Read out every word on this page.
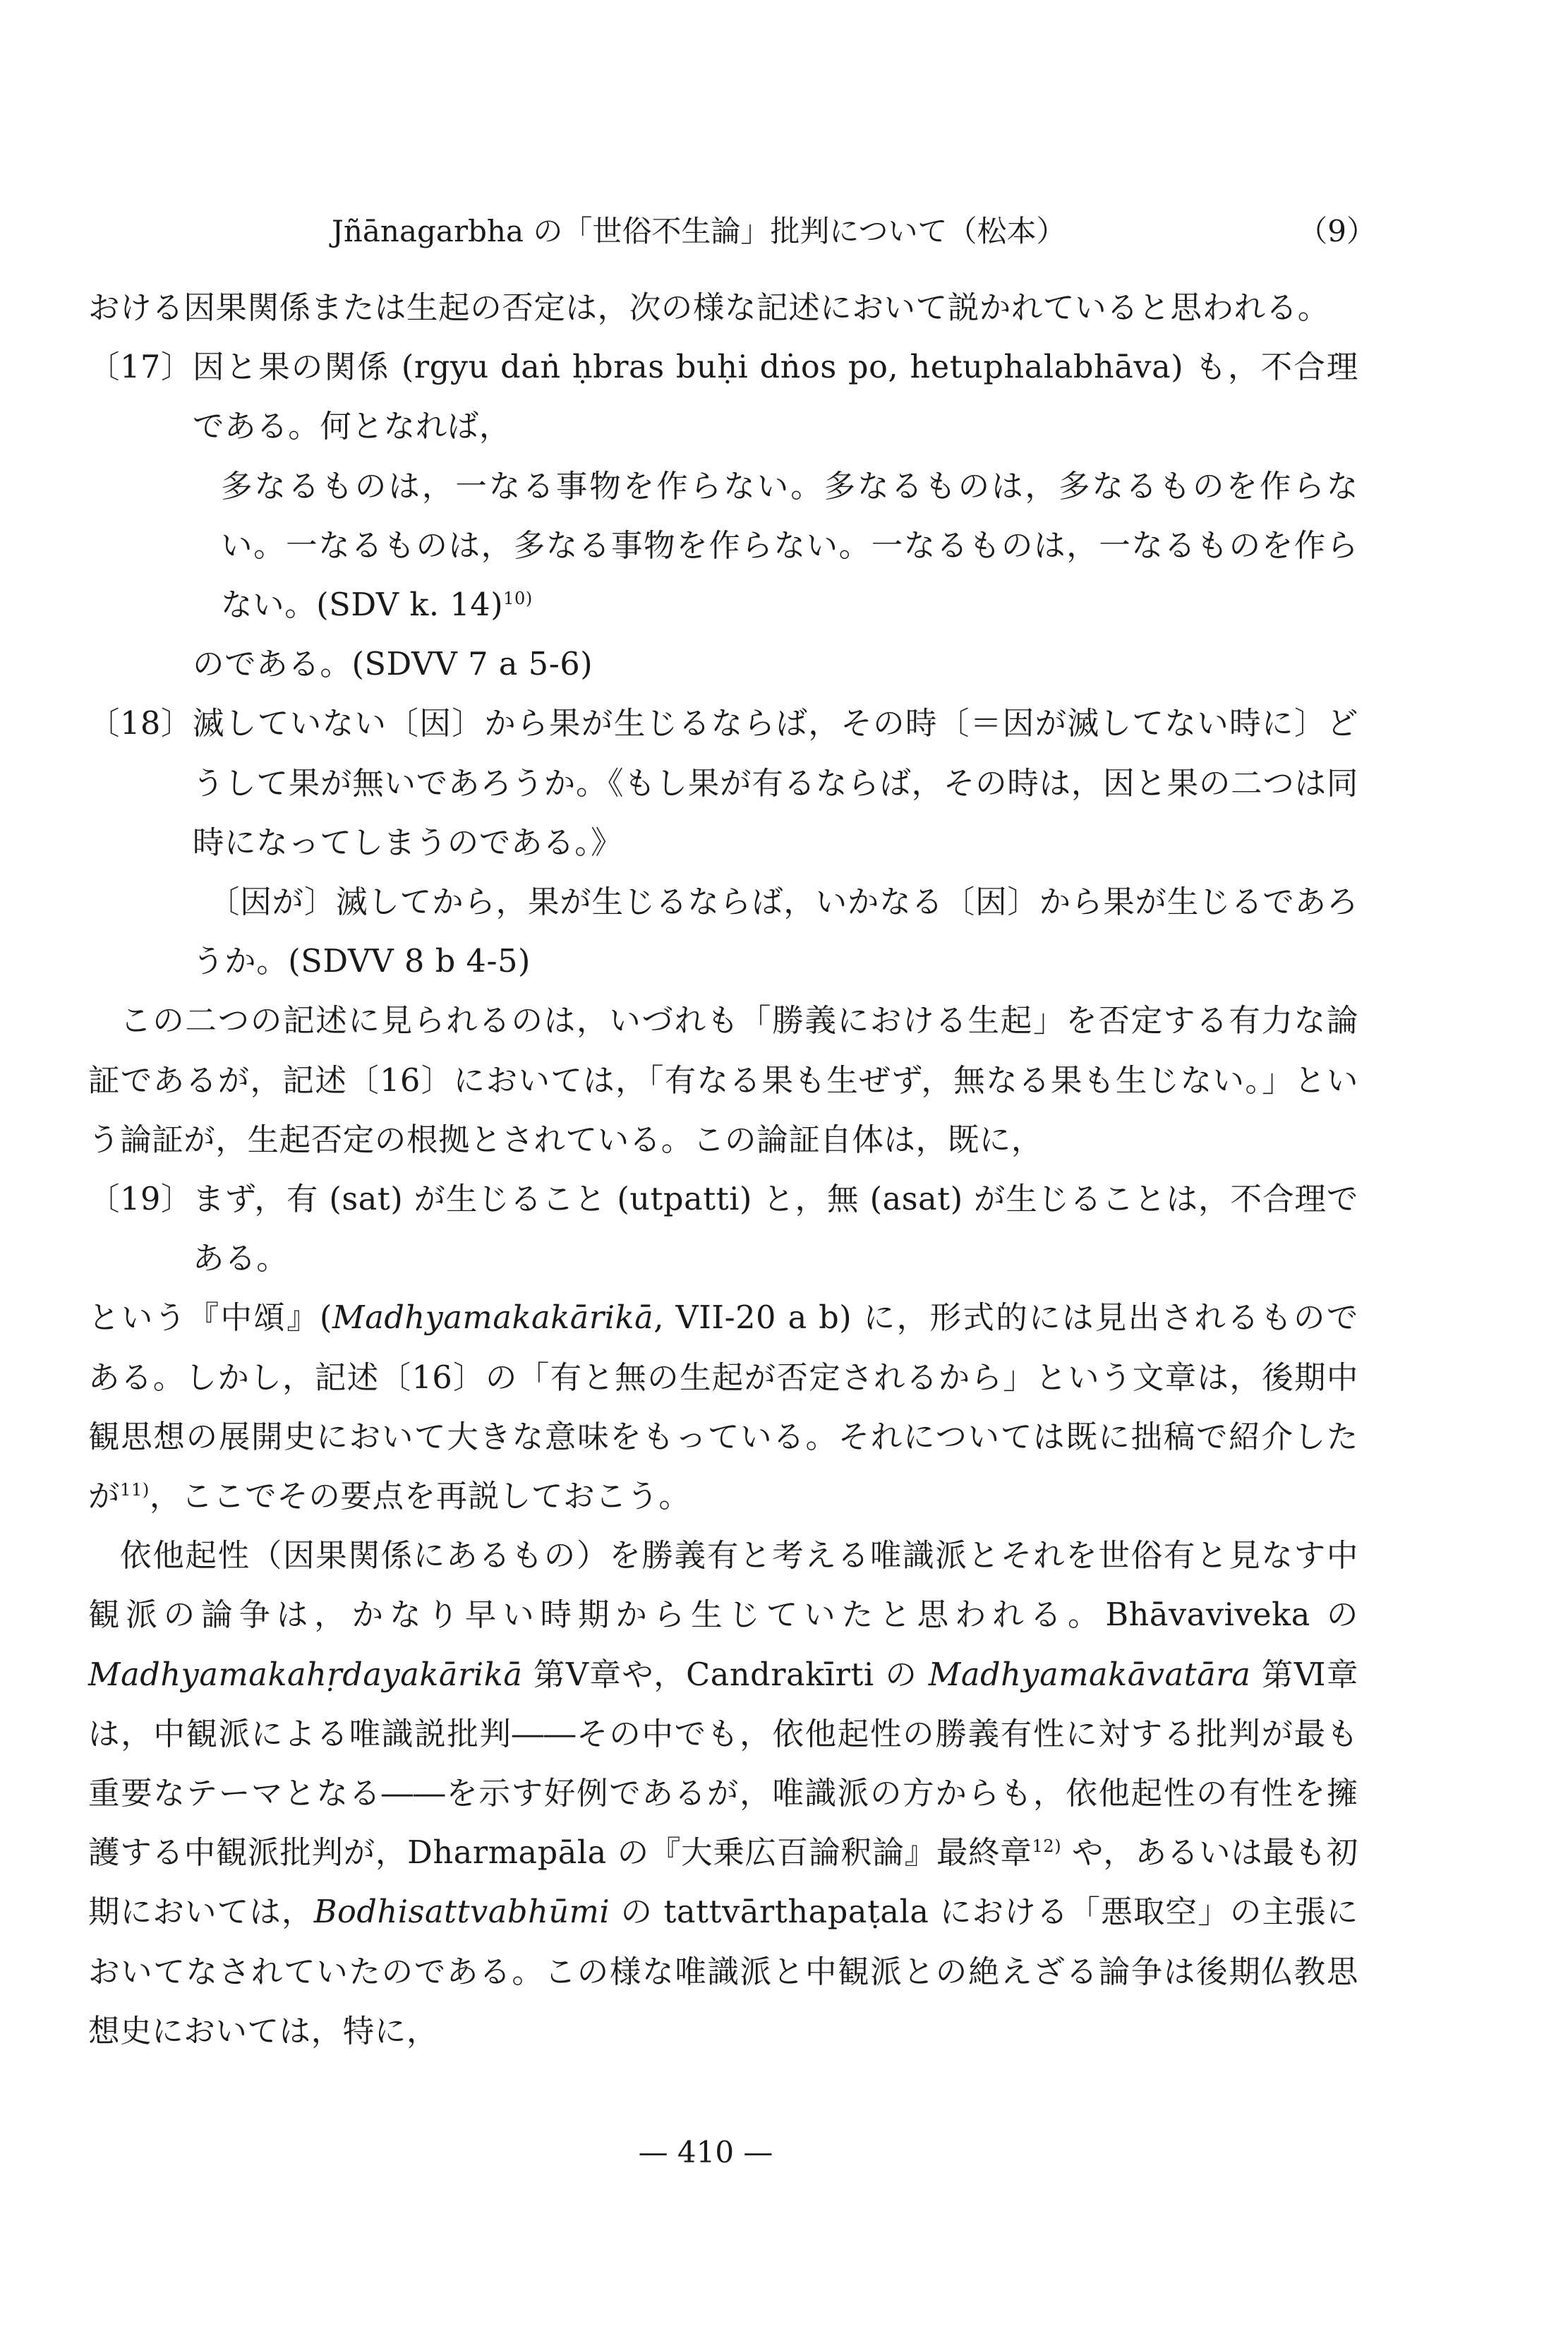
Jñānagarbha の「世俗不生論」批判について（松本）	（9）

おける因果関係または生起の否定は，次の様な記述において説かれていると思われる。

〔17〕 因と果の関係 (rgyu daṅ ḥbras buḥi dṅos po, hetuphalabhāva) も，不合理である。何となれば，
多なるものは，一なる事物を作らない。多なるものは，多なるものを作らない。一なるものは，多なる事物を作らない。一なるものは，一なるものを作らない。(SDV k. 14)$^{10)}$
のである。(SDVV 7 a 5-6)
〔18〕 滅していない〔因〕から果が生じるならば，その時〔＝因が滅してない時に〕どうして果が無いであろうか。《もし果が有るならば，その時は，因と果の二つは同時になってしまうのである。》
〔因が〕滅してから，果が生じるならば，いかなる〔因〕から果が生じるであろうか。(SDVV 8 b 4-5)

この二つの記述に見られるのは，いづれも「勝義における生起」を否定する有力な論証であるが，記述〔16〕においては，「有なる果も生ぜず，無なる果も生じない。」という論証が，生起否定の根拠とされている。この論証自体は，既に，

〔19〕 まず，有 (sat) が生じること (utpatti) と，無 (asat) が生じることは，不合理である。

という『中頌』(Madhyamakakārikā, VII-20 a b) に，形式的には見出されるものである。しかし，記述〔16〕の「有と無の生起が否定されるから」という文章は，後期中観思想の展開史において大きな意味をもっている。それについては既に拙稿で紹介したが$^{11)}$，ここでその要点を再説しておこう。

依他起性（因果関係にあるもの）を勝義有と考える唯識派とそれを世俗有と見なす中観派の論争は，かなり早い時期から生じていたと思われる。Bhāvaviveka の Madhyamakahṛdayakārikā 第Ⅴ章や，Candrakīrti の Madhyamakāvatāra 第Ⅵ章は，中観派による唯識説批判――その中でも，依他起性の勝義有性に対する批判が最も重要なテーマとなる――を示す好例であるが，唯識派の方からも，依他起性の有性を擁護する中観派批判が，Dharmapāla の『大乗広百論釈論』最終章$^{12)}$ や，あるいは最も初期においては，Bodhisattvabhūmi の tattvārthapaṭala における「悪取空」の主張においてなされていたのである。この様な唯識派と中観派との絶えざる論争は後期仏教思想史においては，特に，

— 410 —
